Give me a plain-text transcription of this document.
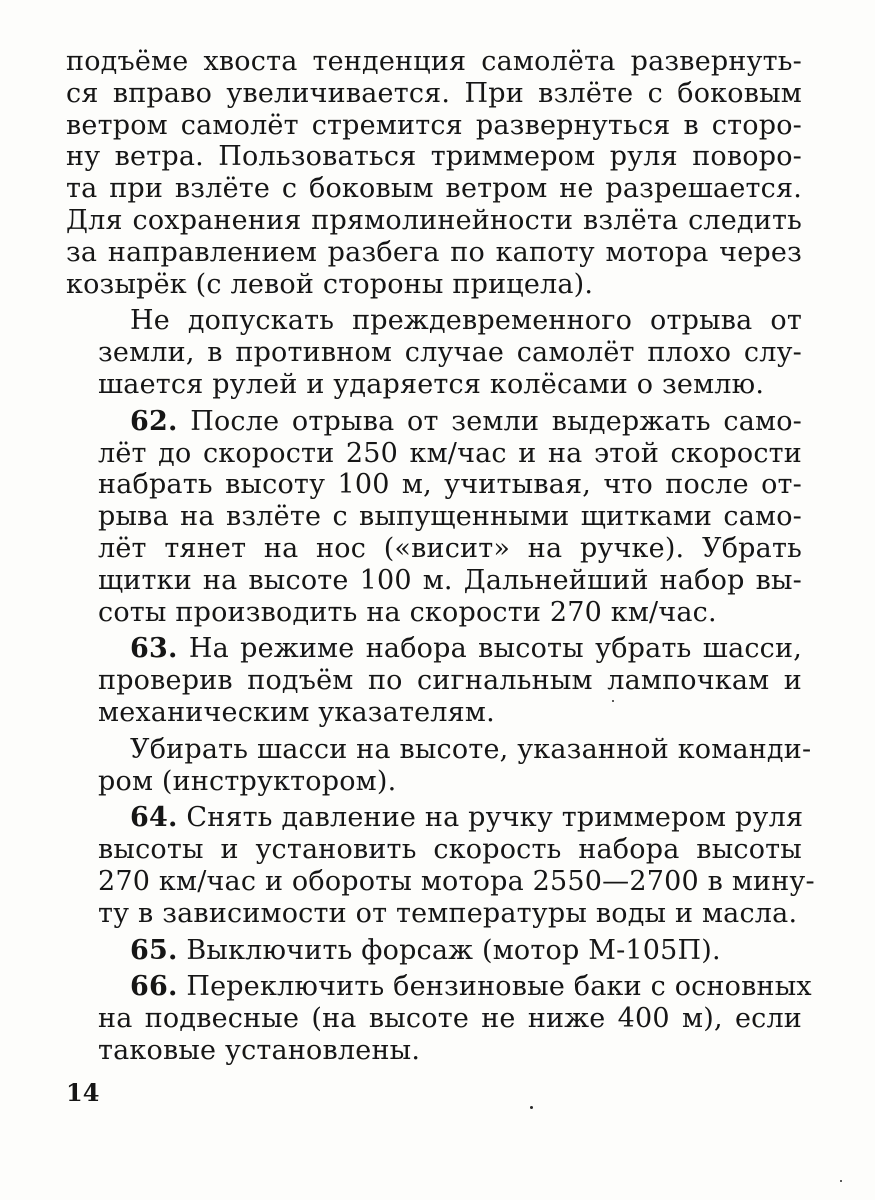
подъёме хвоста тенденция самолёта развернуть-
ся вправо увеличивается. При взлёте с боковым
ветром самолёт стремится развернуться в сторо-
ну ветра. Пользоваться триммером руля поворо-
та при взлёте с боковым ветром не разрешается.
Для сохранения прямолинейности взлёта следить
за направлением разбега по капоту мотора через
козырёк (с левой стороны прицела).
Не допускать преждевременного отрыва от
земли, в противном случае самолёт плохо слу-
шается рулей и ударяется колёсами о землю.
62. После отрыва от земли выдержать само-
лёт до скорости 250 км/час и на этой скорости
набрать высоту 100 м, учитывая, что после от-
рыва на взлёте с выпущенными щитками само-
лёт тянет на нос («висит» на ручке). Убрать
щитки на высоте 100 м. Дальнейший набор вы-
соты производить на скорости 270 км/час.
63. На режиме набора высоты убрать шасси,
проверив подъём по сигнальным лампочкам и
механическим указателям.
Убирать шасси на высоте, указанной команди-
ром (инструктором).
64. Снять давление на ручку триммером руля
высоты и установить скорость набора высоты
270 км/час и обороты мотора 2550—2700 в мину-
ту в зависимости от температуры воды и масла.
65. Выключить форсаж (мотор М-105П).
66. Переключить бензиновые баки с основных
на подвесные (на высоте не ниже 400 м), если
таковые установлены.
14
